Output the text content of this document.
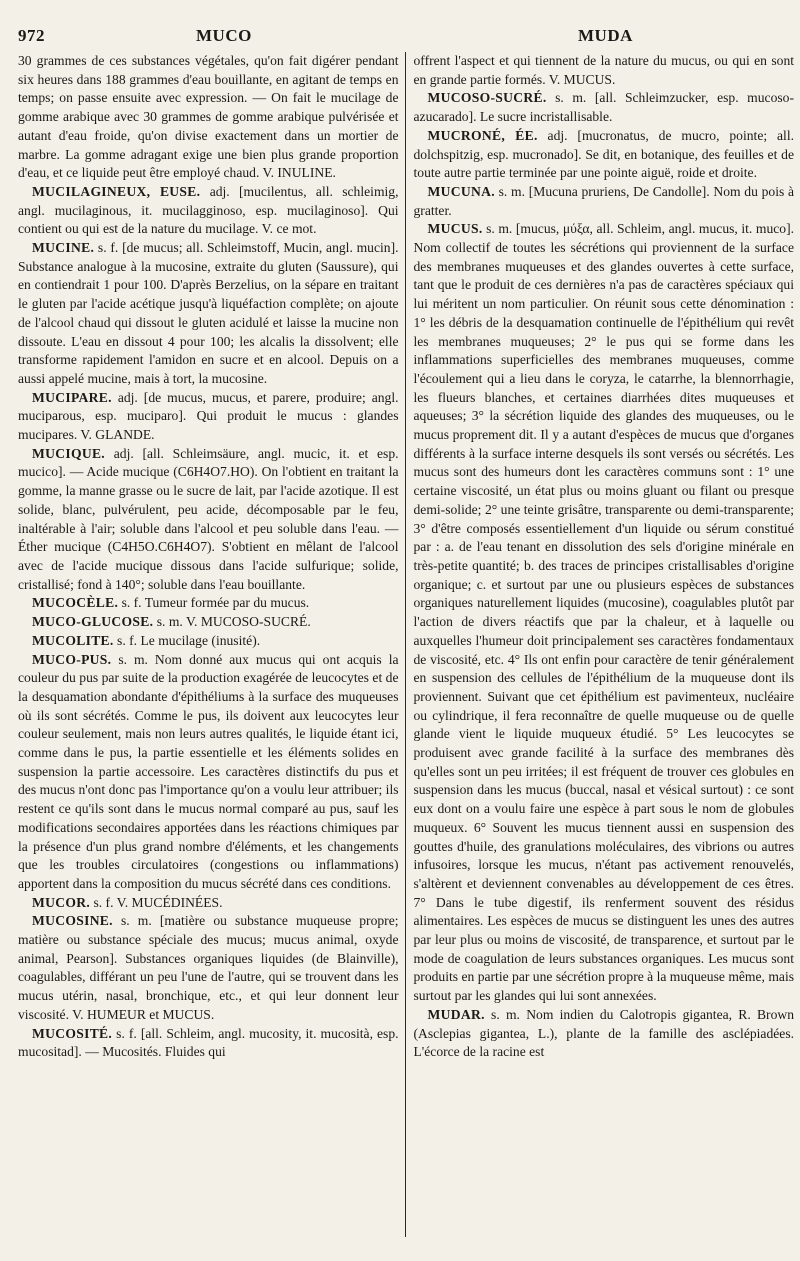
972	MUCO	MUDA

30 grammes de ces substances végétales, qu'on fait digérer pendant six heures dans 188 grammes d'eau bouillante, en agitant de temps en temps; on passe ensuite avec expression. — On fait le mucilage de gomme arabique avec 30 grammes de gomme arabique pulvérisée et autant d'eau froide, qu'on divise exactement dans un mortier de marbre. La gomme adragant exige une bien plus grande proportion d'eau, et ce liquide peut être employé chaud. V. INULINE.

MUCILAGINEUX, EUSE. adj. [mucilentus, all. schleimig, angl. mucilaginous, it. mucilagginoso, esp. mucilaginoso]. Qui contient ou qui est de la nature du mucilage. V. ce mot.

MUCINE. s. f. [de mucus; all. Schleimstoff, Mucin, angl. mucin]. Substance analogue à la mucosine, extraite du gluten (Saussure), qui en contiendrait 1 pour 100. D'après Berzelius, on la sépare en traitant le gluten par l'acide acétique jusqu'à liquéfaction complète; on ajoute de l'alcool chaud qui dissout le gluten acidulé et laisse la mucine non dissoute. L'eau en dissout 4 pour 100; les alcalis la dissolvent; elle transforme rapidement l'amidon en sucre et en alcool. Depuis on a aussi appelé mucine, mais à tort, la mucosine.

MUCIPARE. adj. [de mucus, mucus, et parere, produire; angl. muciparous, esp. muciparo]. Qui produit le mucus : glandes mucipares. V. GLANDE.

MUCIQUE. adj. [all. Schleimsäure, angl. mucic, it. et esp. mucico]. — Acide mucique (C6H4O7.HO). On l'obtient en traitant la gomme, la manne grasse ou le sucre de lait, par l'acide azotique. Il est solide, blanc, pulvérulent, peu acide, décomposable par le feu, inaltérable à l'air; soluble dans l'alcool et peu soluble dans l'eau. — Éther mucique (C4H5O.C6H4O7). S'obtient en mêlant de l'alcool avec de l'acide mucique dissous dans l'acide sulfurique; solide, cristallisé; fond à 140°; soluble dans l'eau bouillante.

MUCOCÈLE. s. f. Tumeur formée par du mucus.

MUCO-GLUCOSE. s. m. V. MUCOSO-SUCRÉ.

MUCOLITE. s. f. Le mucilage (inusité).

MUCO-PUS. s. m. Nom donné aux mucus qui ont acquis la couleur du pus par suite de la production exagérée de leucocytes et de la desquamation abondante d'épithéliums à la surface des muqueuses où ils sont sécrétés. Comme le pus, ils doivent aux leucocytes leur couleur seulement, mais non leurs autres qualités, le liquide étant ici, comme dans le pus, la partie essentielle et les éléments solides en suspension la partie accessoire. Les caractères distinctifs du pus et des mucus n'ont donc pas l'importance qu'on a voulu leur attribuer; ils restent ce qu'ils sont dans le mucus normal comparé au pus, sauf les modifications secondaires apportées dans les réactions chimiques par la présence d'un plus grand nombre d'éléments, et les changements que les troubles circulatoires (congestions ou inflammations) apportent dans la composition du mucus sécrété dans ces conditions.

MUCOR. s. f. V. MUCÉDINÉES.

MUCOSINE. s. m. [matière ou substance muqueuse propre; matière ou substance spéciale des mucus; mucus animal, oxyde animal, Pearson]. Substances organiques liquides (de Blainville), coagulables, différant un peu l'une de l'autre, qui se trouvent dans les mucus utérin, nasal, bronchique, etc., et qui leur donnent leur viscosité. V. HUMEUR et MUCUS.

MUCOSITÉ. s. f. [all. Schleim, angl. mucosity, it. mucosità, esp. mucositad]. — Mucosités. Fluides qui

offrent l'aspect et qui tiennent de la nature du mucus, ou qui en sont en grande partie formés. V. MUCUS.

MUCOSO-SUCRÉ. s. m. [all. Schleimzucker, esp. mucoso-azucarado]. Le sucre incristallisable.

MUCRONÉ, ÉE. adj. [mucronatus, de mucro, pointe; all. dolchspitzig, esp. mucronado]. Se dit, en botanique, des feuilles et de toute autre partie terminée par une pointe aiguë, roide et droite.

MUCUNA. s. m. [Mucuna pruriens, De Candolle]. Nom du pois à gratter.

MUCUS. s. m. [mucus, μύξα, all. Schleim, angl. mucus, it. muco]. Nom collectif de toutes les sécrétions qui proviennent de la surface des membranes muqueuses et des glandes ouvertes à cette surface, tant que le produit de ces dernières n'a pas de caractères spéciaux qui lui méritent un nom particulier. On réunit sous cette dénomination : 1° les débris de la desquamation continuelle de l'épithélium qui revêt les membranes muqueuses; 2° le pus qui se forme dans les inflammations superficielles des membranes muqueuses, comme l'écoulement qui a lieu dans le coryza, le catarrhe, la blennorrhagie, les flueurs blanches, et certaines diarrhées dites muqueuses et aqueuses; 3° la sécrétion liquide des glandes des muqueuses, ou le mucus proprement dit. Il y a autant d'espèces de mucus que d'organes différents à la surface interne desquels ils sont versés ou sécrétés. Les mucus sont des humeurs dont les caractères communs sont : 1° une certaine viscosité, un état plus ou moins gluant ou filant ou presque demi-solide; 2° une teinte grisâtre, transparente ou demi-transparente; 3° d'être composés essentiellement d'un liquide ou sérum constitué par : a. de l'eau tenant en dissolution des sels d'origine minérale en très-petite quantité; b. des traces de principes cristallisables d'origine organique; c. et surtout par une ou plusieurs espèces de substances organiques naturellement liquides (mucosine), coagulables plutôt par l'action de divers réactifs que par la chaleur, et à laquelle ou auxquelles l'humeur doit principalement ses caractères fondamentaux de viscosité, etc. 4° Ils ont enfin pour caractère de tenir généralement en suspension des cellules de l'épithélium de la muqueuse dont ils proviennent. Suivant que cet épithélium est pavimenteux, nucléaire ou cylindrique, il fera reconnaître de quelle muqueuse ou de quelle glande vient le liquide muqueux étudié. 5° Les leucocytes se produisent avec grande facilité à la surface des membranes dès qu'elles sont un peu irritées; il est fréquent de trouver ces globules en suspension dans les mucus (buccal, nasal et vésical surtout) : ce sont eux dont on a voulu faire une espèce à part sous le nom de globules muqueux. 6° Souvent les mucus tiennent aussi en suspension des gouttes d'huile, des granulations moléculaires, des vibrions ou autres infusoires, lorsque les mucus, n'étant pas activement renouvelés, s'altèrent et deviennent convenables au développement de ces êtres. 7° Dans le tube digestif, ils renferment souvent des résidus alimentaires. Les espèces de mucus se distinguent les unes des autres par leur plus ou moins de viscosité, de transparence, et surtout par le mode de coagulation de leurs substances organiques. Les mucus sont produits en partie par une sécrétion propre à la muqueuse même, mais surtout par les glandes qui lui sont annexées.

MUDAR. s. m. Nom indien du Calotropis gigantea, R. Brown (Asclepias gigantea, L.), plante de la famille des asclépiadées. L'écorce de la racine est
